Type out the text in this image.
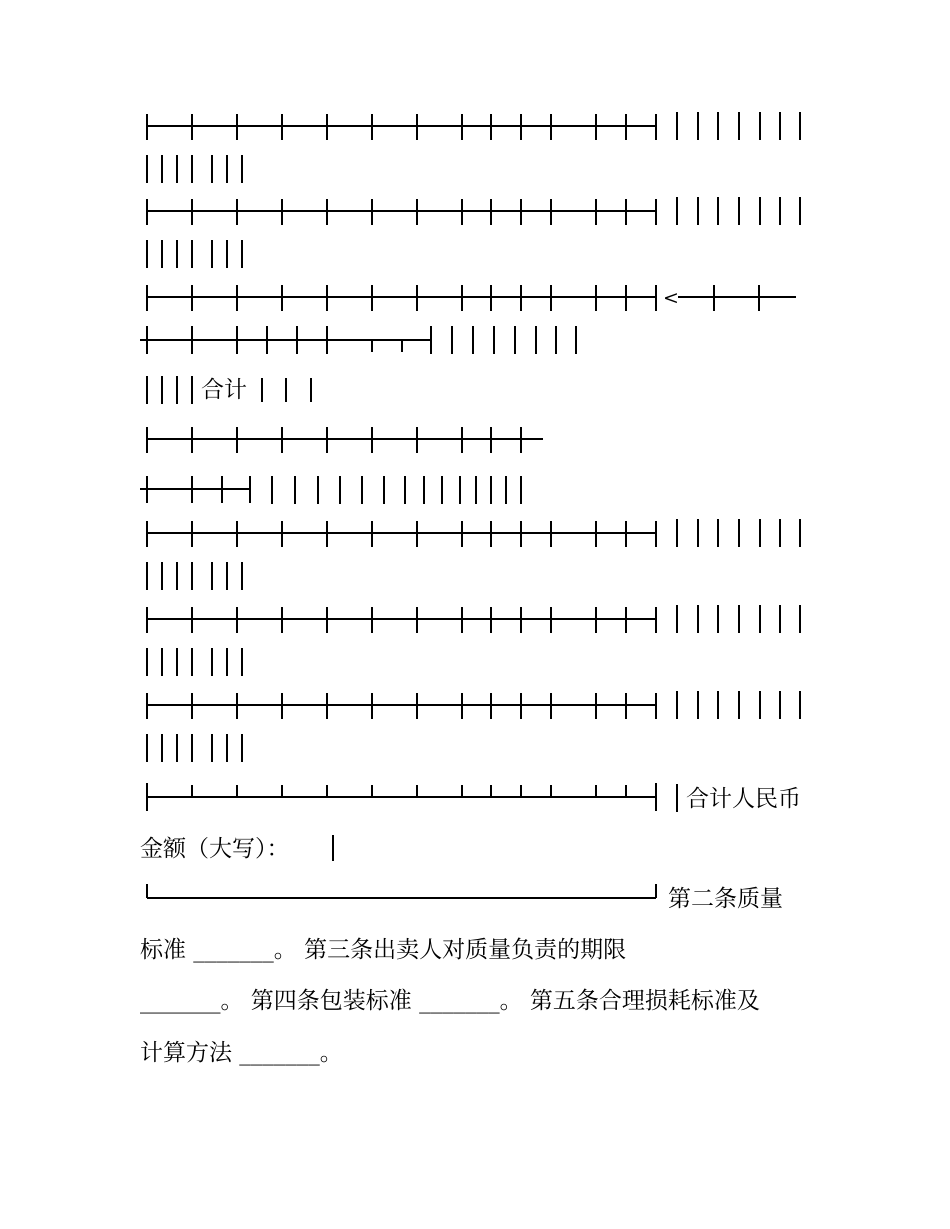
合计
<
合计人民币
金额（大写）：
第二条质量
标准 _______。 第三条出卖人对质量负责的期限
_______。 第四条包装标准 _______。 第五条合理损耗标准及
计算方法 _______。
